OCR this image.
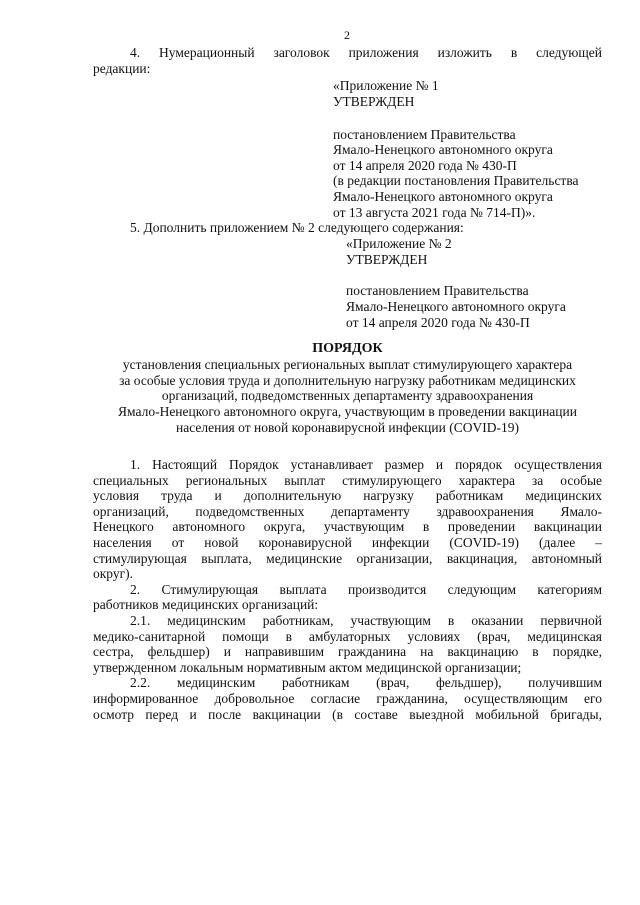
2
4. Нумерационный заголовок приложения изложить в следующей
редакции:
«Приложение № 1
УТВЕРЖДЕН
постановлением Правительства
Ямало-Ненецкого автономного округа
от 14 апреля 2020 года № 430-П
(в редакции постановления Правительства
Ямало-Ненецкого автономного округа
от 13 августа 2021 года № 714-П)».
5. Дополнить приложением № 2 следующего содержания:
«Приложение № 2
УТВЕРЖДЕН
постановлением Правительства
Ямало-Ненецкого автономного округа
от 14 апреля 2020 года № 430-П
ПОРЯДОК
установления специальных региональных выплат стимулирующего характера
за особые условия труда и дополнительную нагрузку работникам медицинских
организаций, подведомственных департаменту здравоохранения
Ямало-Ненецкого автономного округа, участвующим в проведении вакцинации
населения от новой коронавирусной инфекции (COVID-19)
1. Настоящий Порядок устанавливает размер и порядок осуществления
специальных региональных выплат стимулирующего характера за особые
условия труда и дополнительную нагрузку работникам медицинских
организаций, подведомственных департаменту здравоохранения Ямало-
Ненецкого автономного округа, участвующим в проведении вакцинации
населения от новой коронавирусной инфекции (COVID-19) (далее –
стимулирующая выплата, медицинские организации, вакцинация, автономный
округ).
2. Стимулирующая выплата производится следующим категориям
работников медицинских организаций:
2.1. медицинским работникам, участвующим в оказании первичной
медико-санитарной помощи в амбулаторных условиях (врач, медицинская
сестра, фельдшер) и направившим гражданина на вакцинацию в порядке,
утвержденном локальным нормативным актом медицинской организации;
2.2. медицинским работникам (врач, фельдшер), получившим
информированное добровольное согласие гражданина, осуществляющим его
осмотр перед и после вакцинации (в составе выездной мобильной бригады,
